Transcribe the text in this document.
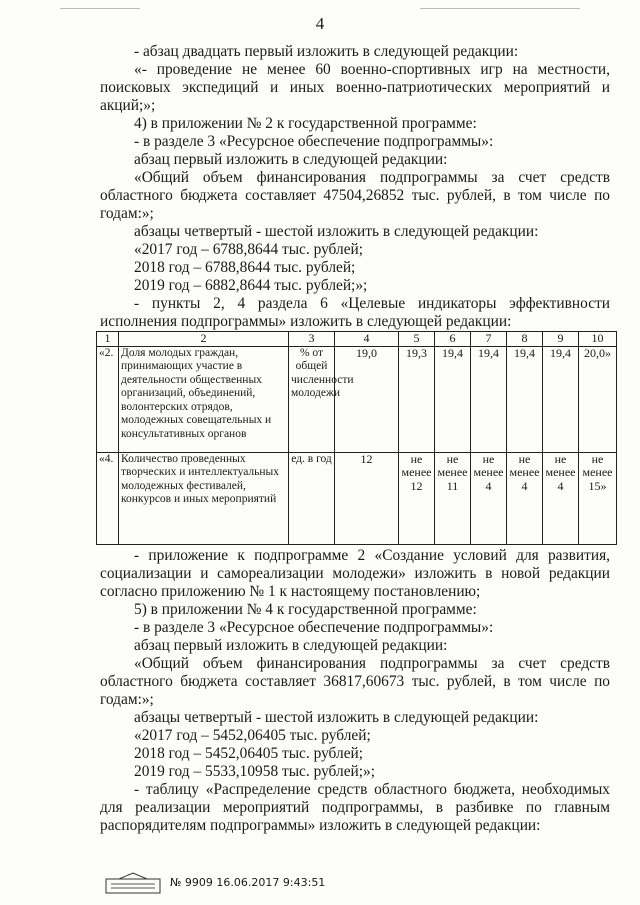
4

- абзац двадцать первый изложить в следующей редакции:

«- проведение не менее 60 военно-спортивных игр на местности, поисковых экспедиций и иных военно-патриотических мероприятий и акций;»;

4) в приложении № 2 к государственной программе:

- в разделе 3 «Ресурсное обеспечение подпрограммы»:

абзац первый изложить в следующей редакции:

«Общий объем финансирования подпрограммы за счет средств областного бюджета составляет 47504,26852 тыс. рублей, в том числе по годам:»;

абзацы четвертый - шестой изложить в следующей редакции:

«2017 год – 6788,8644 тыс. рублей;

2018 год – 6788,8644 тыс. рублей;

2019 год – 6882,8644 тыс. рублей;»;

- пункты 2, 4 раздела 6 «Целевые индикаторы эффективности исполнения подпрограммы» изложить в следующей редакции:

1	2	3	4	5	6	7	8	9	10
«2.	Доля молодых граждан, принимающих участие в деятельности общественных организаций, объединений, волонтерских отрядов, молодежных совещательных и консультативных органов	% от общей численности молодежи	19,0	19,3	19,4	19,4	19,4	19,4	20,0»
«4.	Количество проведенных творческих и интеллектуальных молодежных фестивалей, конкурсов и иных мероприятий	ед. в год	12	не менее 12	не менее 11	не менее 4	не менее 4	не менее 4	не менее 15»

- приложение к подпрограмме 2 «Создание условий для развития, социализации и самореализации молодежи» изложить в новой редакции согласно приложению № 1 к настоящему постановлению;

5) в приложении № 4 к государственной программе:

- в разделе 3 «Ресурсное обеспечение подпрограммы»:

абзац первый изложить в следующей редакции:

«Общий объем финансирования подпрограммы за счет средств областного бюджета составляет 36817,60673 тыс. рублей, в том числе по годам:»;

абзацы четвертый - шестой изложить в следующей редакции:

«2017 год – 5452,06405 тыс. рублей;

2018 год – 5452,06405 тыс. рублей;

2019 год – 5533,10958 тыс. рублей;»;

- таблицу «Распределение средств областного бюджета, необходимых для реализации мероприятий подпрограммы, в разбивке по главным распорядителям подпрограммы» изложить в следующей редакции:

№ 9909 16.06.2017 9:43:51
